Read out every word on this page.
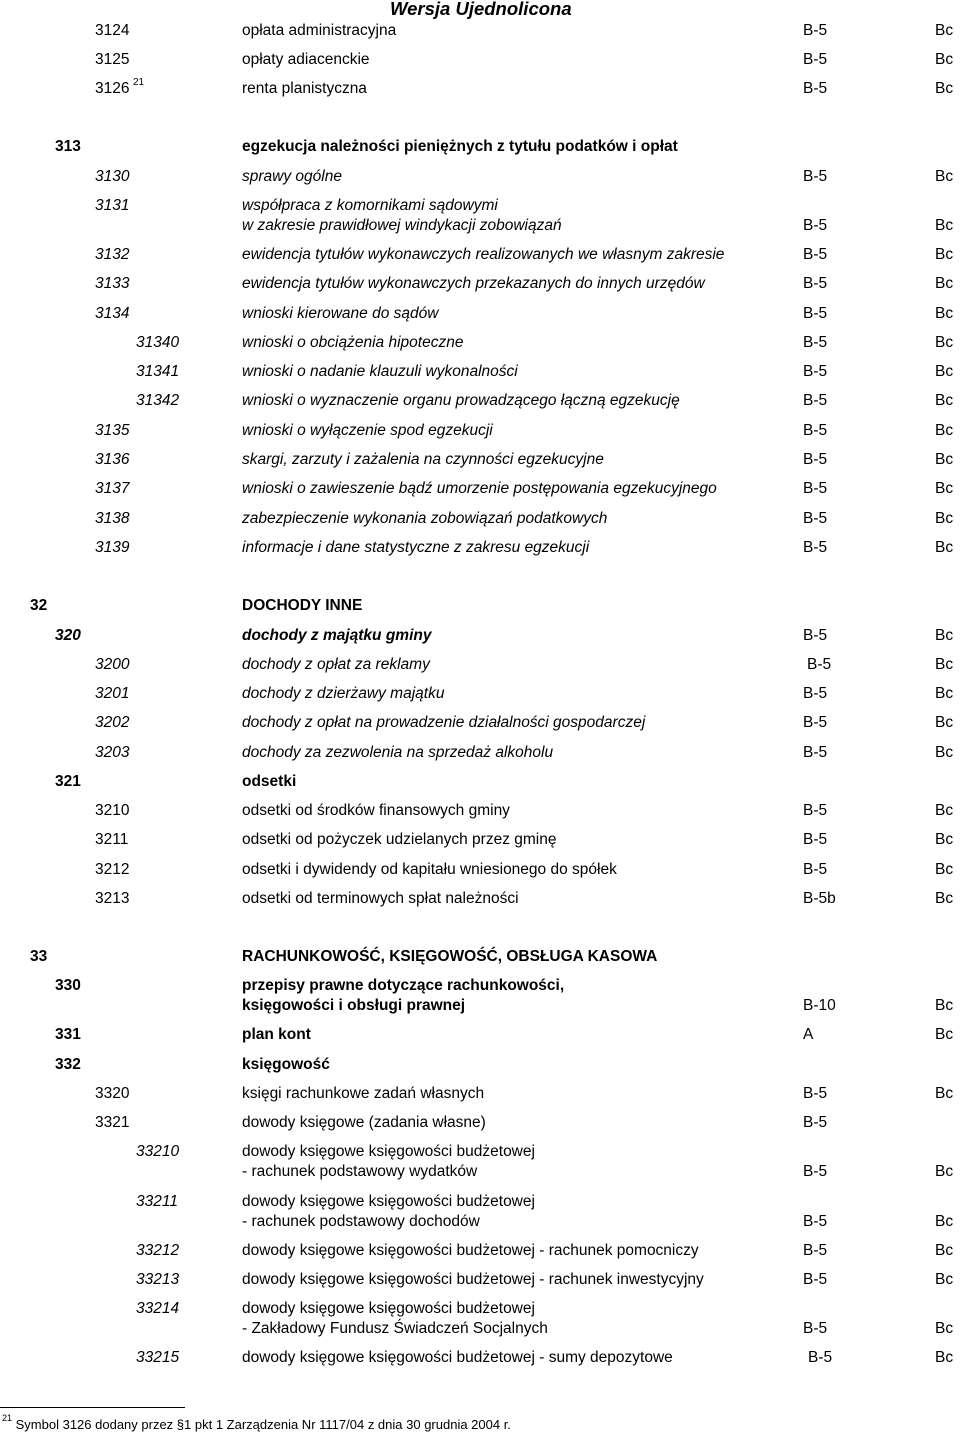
Wersja Ujednolicona
3124	opłata administracyjna	B-5	Bc
3125	opłaty adiacenckie	B-5	Bc
3126 $^{21}$	renta planistyczna	B-5	Bc
313	egzekucja należności pieniężnych z tytułu podatków i opłat
3130	sprawy ogólne	B-5	Bc
3131	współpraca z komornikami sądowymi
w zakresie prawidłowej windykacji zobowiązań	B-5	Bc
3132	ewidencja tytułów wykonawczych realizowanych we własnym zakresie	B-5	Bc
3133	ewidencja tytułów wykonawczych przekazanych do innych urzędów	B-5	Bc
3134	wnioski kierowane do sądów	B-5	Bc
31340	wnioski o obciążenia hipoteczne	B-5	Bc
31341	wnioski o nadanie klauzuli wykonalności	B-5	Bc
31342	wnioski o wyznaczenie organu prowadzącego łączną egzekucję	B-5	Bc
3135	wnioski o wyłączenie spod egzekucji	B-5	Bc
3136	skargi, zarzuty i zażalenia na czynności egzekucyjne	B-5	Bc
3137	wnioski o zawieszenie bądź umorzenie postępowania egzekucyjnego	B-5	Bc
3138	zabezpieczenie wykonania zobowiązań podatkowych	B-5	Bc
3139	informacje i dane statystyczne z zakresu egzekucji	B-5	Bc
32	DOCHODY INNE
320	dochody z majątku gminy	B-5	Bc
3200	dochody z opłat za reklamy	B-5	Bc
3201	dochody z dzierżawy majątku	B-5	Bc
3202	dochody z opłat na prowadzenie działalności gospodarczej	B-5	Bc
3203	dochody za zezwolenia na sprzedaż alkoholu	B-5	Bc
321	odsetki
3210	odsetki od środków finansowych gminy	B-5	Bc
3211	odsetki od pożyczek udzielanych przez gminę	B-5	Bc
3212	odsetki i dywidendy od kapitału wniesionego do spółek	B-5	Bc
3213	odsetki od terminowych spłat należności	B-5b	Bc
33	RACHUNKOWOŚĆ, KSIĘGOWOŚĆ, OBSŁUGA KASOWA
330	przepisy prawne dotyczące rachunkowości,
księgowości i obsługi prawnej	B-10	Bc
331	plan kont	A	Bc
332	księgowość
3320	księgi rachunkowe zadań własnych	B-5	Bc
3321	dowody księgowe (zadania własne)	B-5
33210	dowody księgowe księgowości budżetowej
- rachunek podstawowy wydatków	B-5	Bc
33211	dowody księgowe księgowości budżetowej
- rachunek podstawowy dochodów	B-5	Bc
33212	dowody księgowe księgowości budżetowej - rachunek pomocniczy	B-5	Bc
33213	dowody księgowe księgowości budżetowej - rachunek inwestycyjny	B-5	Bc
33214	dowody księgowe księgowości budżetowej
- Zakładowy Fundusz Świadczeń Socjalnych	B-5	Bc
33215	dowody księgowe księgowości budżetowej - sumy depozytowe	B-5	Bc
$^{21}$ Symbol 3126 dodany przez §1 pkt 1 Zarządzenia Nr 1117/04 z dnia 30 grudnia 2004 r.
